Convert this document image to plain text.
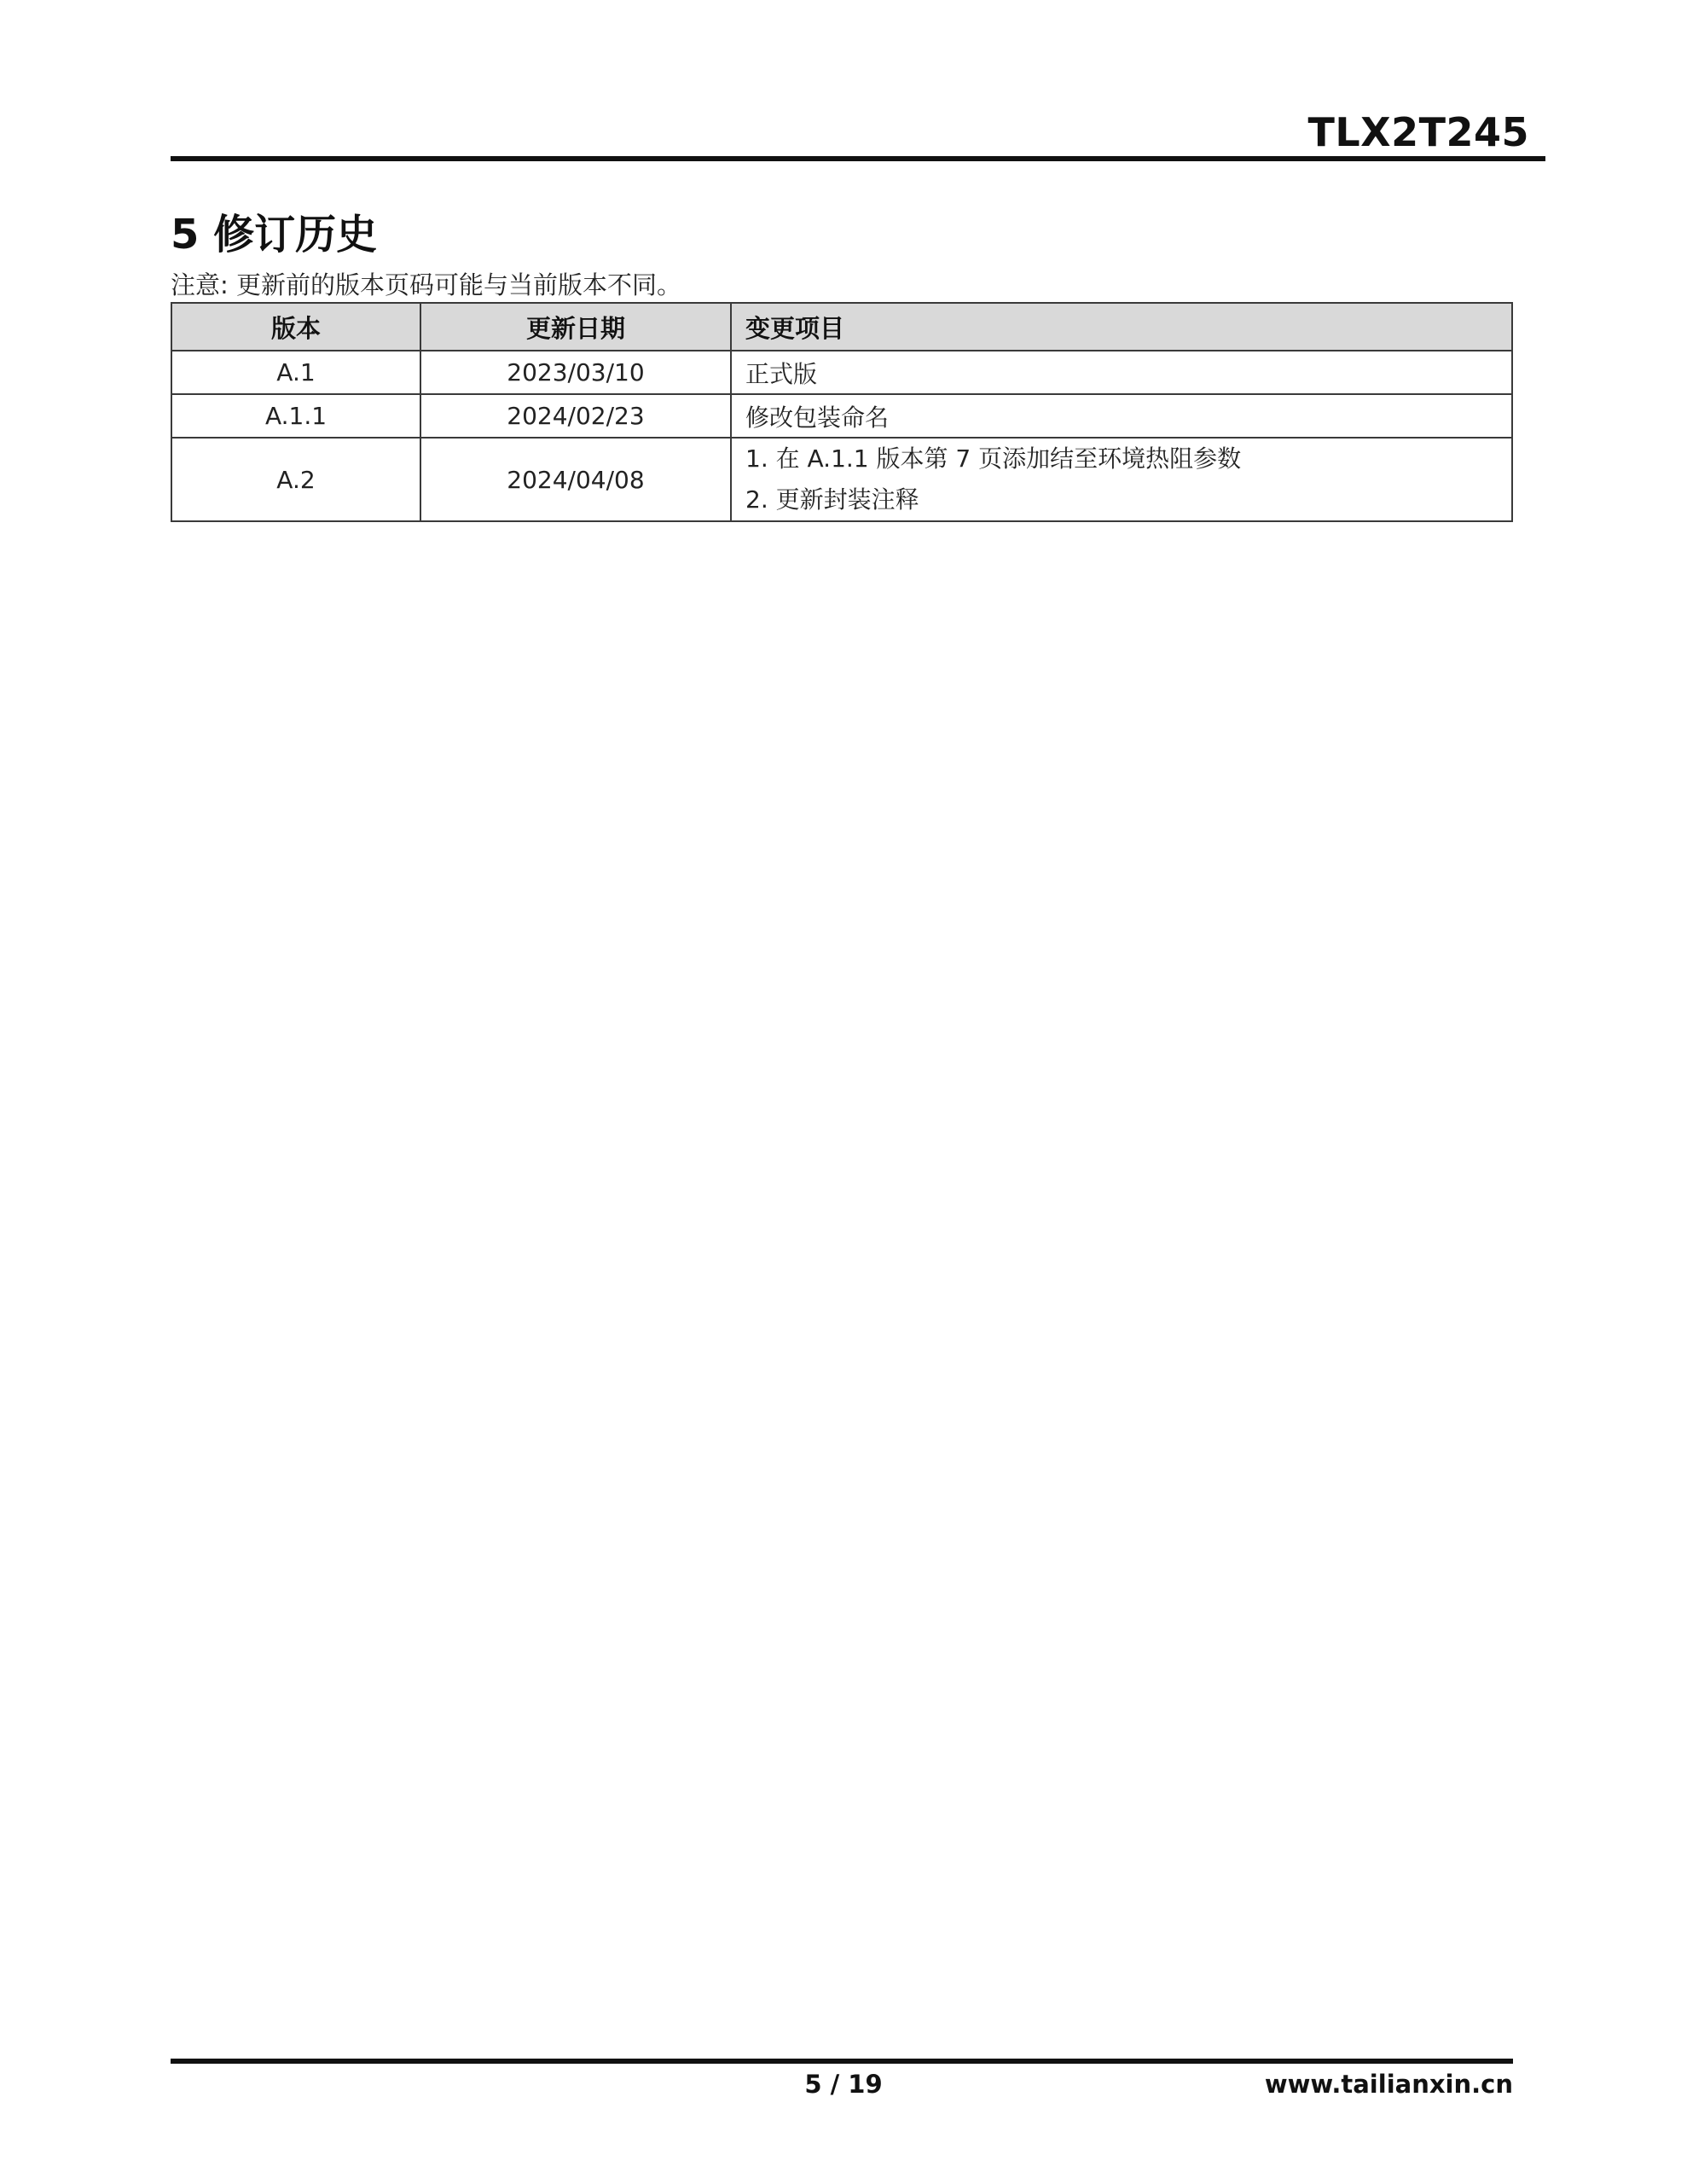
TLX2T245
5 修订历史
注意: 更新前的版本页码可能与当前版本不同。
版本	更新日期	变更项目
A.1	2023/03/10	正式版

A.1.1	2024/02/23	修改包装命名

A.2	2024/04/08	1. 在 A.1.1 版本第 7 页添加结至环境热阻参数
2. 更新封装注释
5 / 19	www.tailianxin.cn
